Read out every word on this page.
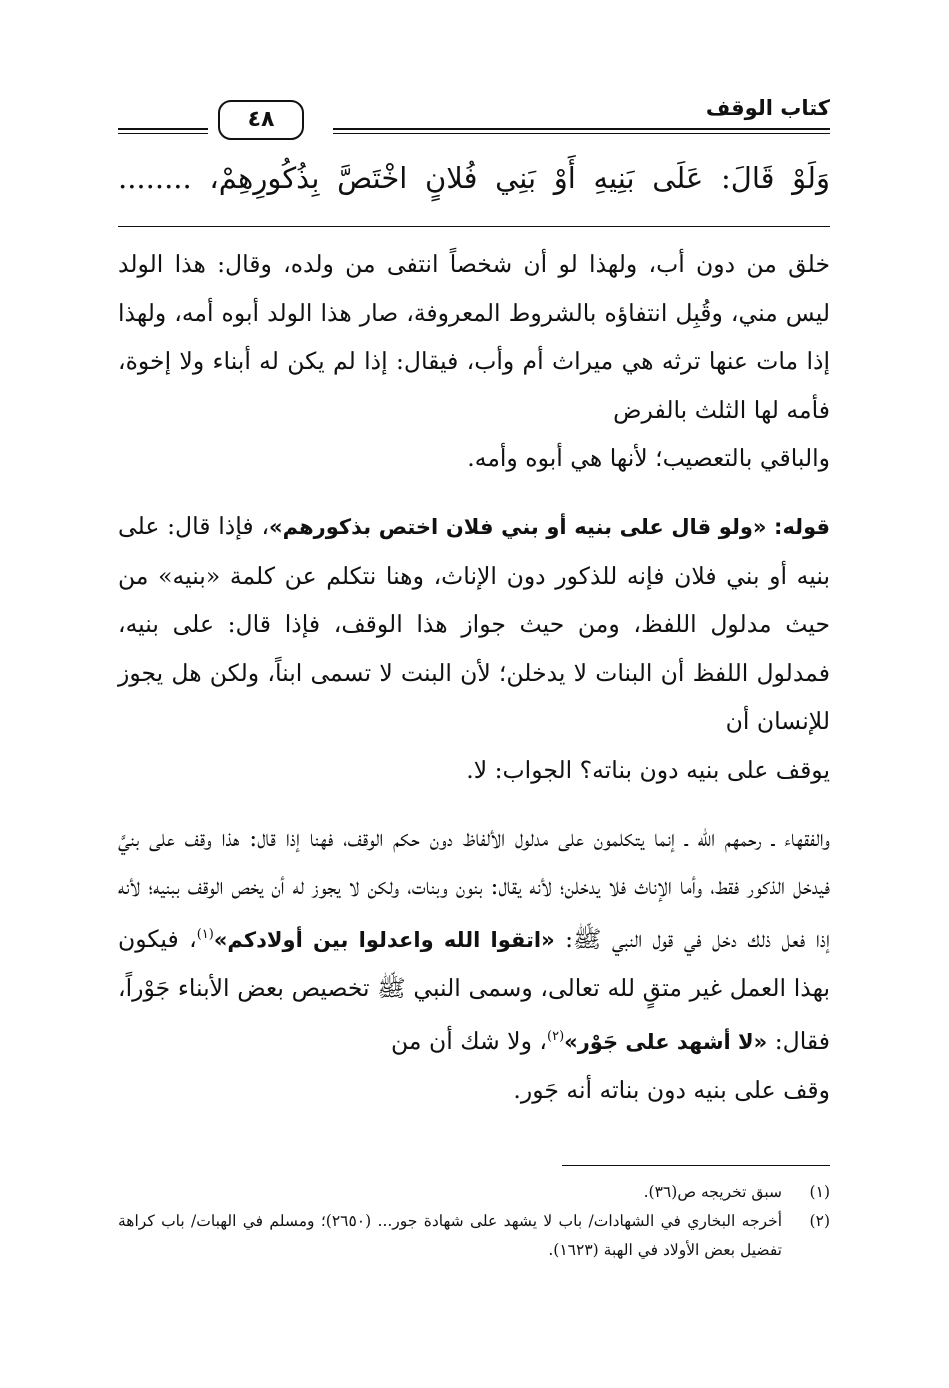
كتاب الوقف
٤٨
وَلَوْ قَالَ: عَلَى بَنِيهِ أَوْ بَنِي فُلانٍ اخْتَصَّ بِذُكُورِهِمْ، ........

خلق من دون أب، ولهذا لو أن شخصاً انتفى من ولده، وقال: هذا الولد ليس مني، وقُبِل انتفاؤه بالشروط المعروفة، صار هذا الولد أبوه أمه، ولهذا إذا مات عنها ترثه هي ميراث أم وأب، فيقال: إذا لم يكن له أبناء ولا إخوة، فأمه لها الثلث بالفرض
والباقي بالتعصيب؛ لأنها هي أبوه وأمه.

قوله: «ولو قال على بنيه أو بني فلان اختص بذكورهم»، فإذا قال: على بنيه أو بني فلان فإنه للذكور دون الإناث، وهنا نتكلم عن كلمة «بنيه» من حيث مدلول اللفظ، ومن حيث جواز هذا الوقف، فإذا قال: على بنيه، فمدلول اللفظ أن البنات لا يدخلن؛ لأن البنت لا تسمى ابناً، ولكن هل يجوز للإنسان أن
يوقف على بنيه دون بناته؟ الجواب: لا.

والفقهاء ـ رحمهم الله ـ إنما يتكلمون على مدلول الألفاظ دون حكم الوقف، فهنا إذا قال: هذا وقف على بنيَّ فيدخل الذكور فقط، وأما الإناث فلا يدخلن؛ لأنه يقال: بنون وبنات، ولكن لا يجوز له أن يخص الوقف ببنيه؛ لأنه إذا فعل ذلك دخل في قول النبي ﷺ: «اتقوا الله واعدلوا بين أولادكم»$^{(١)}$، فيكون بهذا العمل غير متقٍ لله تعالى، وسمى النبي ﷺ تخصيص بعض الأبناء جَوْراً، فقال: «لا أشهد على جَوْر»$^{(٢)}$، ولا شك أن من
وقف على بنيه دون بناته أنه جَور.

(١)
سبق تخريجه ص(٣٦).
(٢)
أخرجه البخاري في الشهادات/ باب لا يشهد على شهادة جور... (٢٦٥٠)؛ ومسلم في الهبات/ باب كراهة تفضيل بعض الأولاد في الهبة (١٦٢٣).
